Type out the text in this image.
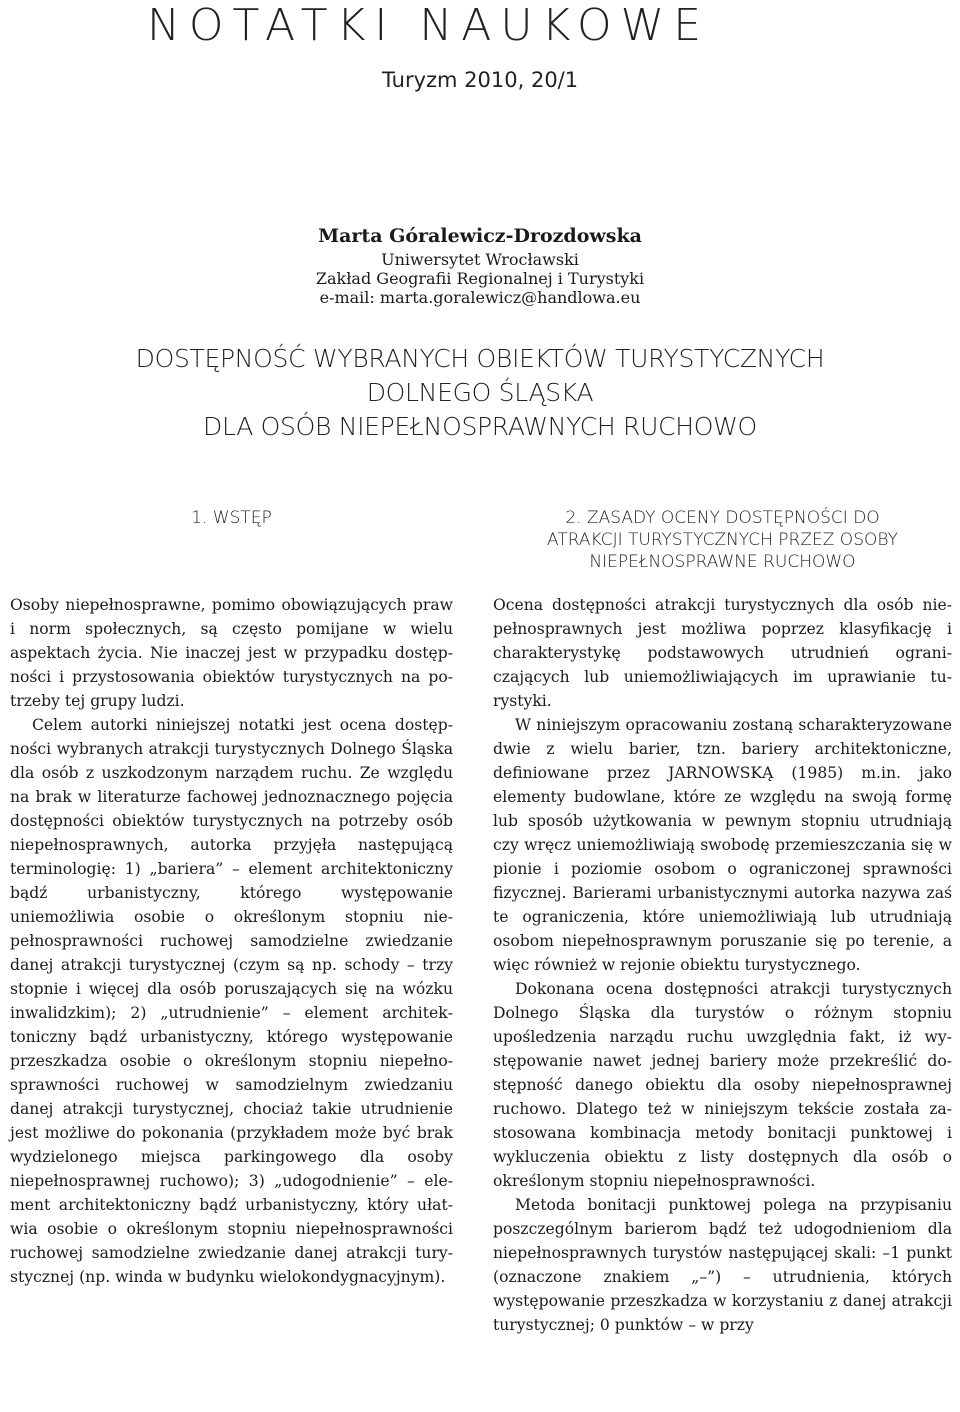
NOTATKI NAUKOWE
Turyzm 2010, 20/1
Marta Góralewicz-Drozdowska
Uniwersytet Wrocławski
Zakład Geografii Regionalnej i Turystyki
e-mail: marta.goralewicz@handlowa.eu
DOSTĘPNOŚĆ WYBRANYCH OBIEKTÓW TURYSTYCZNYCH
DOLNEGO ŚLĄSKA
DLA OSÓB NIEPEŁNOSPRAWNYCH RUCHOWO
1. WSTĘP

Osoby niepełnosprawne, pomimo obowiązujących praw i norm społecznych, są często pomijane w wielu aspektach życia. Nie inaczej jest w przypadku dostępności i przystosowania obiektów turystycznych na potrzeby tej grupy ludzi.

Celem autorki niniejszej notatki jest ocena dostępności wybranych atrakcji turystycznych Dolnego Śląska dla osób z uszkodzonym narządem ruchu. Ze względu na brak w literaturze fachowej jednoznacznego pojęcia dostępności obiektów turystycznych na potrzeby osób niepełnosprawnych, autorka przyjęła następującą terminologię: 1) „bariera” – element architektoniczny bądź urbanistyczny, którego występowanie uniemożliwia osobie o określonym stopniu niepełnosprawności ruchowej samodzielne zwiedzanie danej atrakcji turystycznej (czym są np. schody – trzy stopnie i więcej dla osób poruszających się na wózku inwalidzkim); 2) „utrudnienie” – element architektoniczny bądź urbanistyczny, którego występowanie przeszkadza osobie o określonym stopniu niepełnosprawności ruchowej w samodzielnym zwiedzaniu danej atrakcji turystycznej, chociaż takie utrudnienie jest możliwe do pokonania (przykładem może być brak wydzielonego miejsca parkingowego dla osoby niepełnosprawnej ruchowo); 3) „udogodnienie” – element architektoniczny bądź urbanistyczny, który ułatwia osobie o określonym stopniu niepełnosprawności ruchowej samodzielne zwiedzanie danej atrakcji turystycznej (np. winda w budynku wielokondygnacyjnym).

2. ZASADY OCENY DOSTĘPNOŚCI DO
ATRAKCJI TURYSTYCZNYCH PRZEZ OSOBY
NIEPEŁNOSPRAWNE RUCHOWO

Ocena dostępności atrakcji turystycznych dla osób niepełnosprawnych jest możliwa poprzez klasyfikację i charakterystykę podstawowych utrudnień ograniczających lub uniemożliwiających im uprawianie turystyki.

W niniejszym opracowaniu zostaną scharakteryzowane dwie z wielu barier, tzn. bariery architektoniczne, definiowane przez JARNOWSKĄ (1985) m.in. jako elementy budowlane, które ze względu na swoją formę lub sposób użytkowania w pewnym stopniu utrudniają czy wręcz uniemożliwiają swobodę przemieszczania się w pionie i poziomie osobom o ograniczonej sprawności fizycznej. Barierami urbanistycznymi autorka nazywa zaś te ograniczenia, które uniemożliwiają lub utrudniają osobom niepełnosprawnym poruszanie się po terenie, a więc również w rejonie obiektu turystycznego.

Dokonana ocena dostępności atrakcji turystycznych Dolnego Śląska dla turystów o różnym stopniu upośledzenia narządu ruchu uwzględnia fakt, iż występowanie nawet jednej bariery może przekreślić dostępność danego obiektu dla osoby niepełnosprawnej ruchowo. Dlatego też w niniejszym tekście została zastosowana kombinacja metody bonitacji punktowej i wykluczenia obiektu z listy dostępnych dla osób o określonym stopniu niepełnosprawności.

Metoda bonitacji punktowej polega na przypisaniu poszczególnym barierom bądź też udogodnieniom dla niepełnosprawnych turystów następującej skali: –1 punkt (oznaczone znakiem „–”) – utrudnienia, których występowanie przeszkadza w korzystaniu z danej atrakcji turystycznej; 0 punktów – w przy
